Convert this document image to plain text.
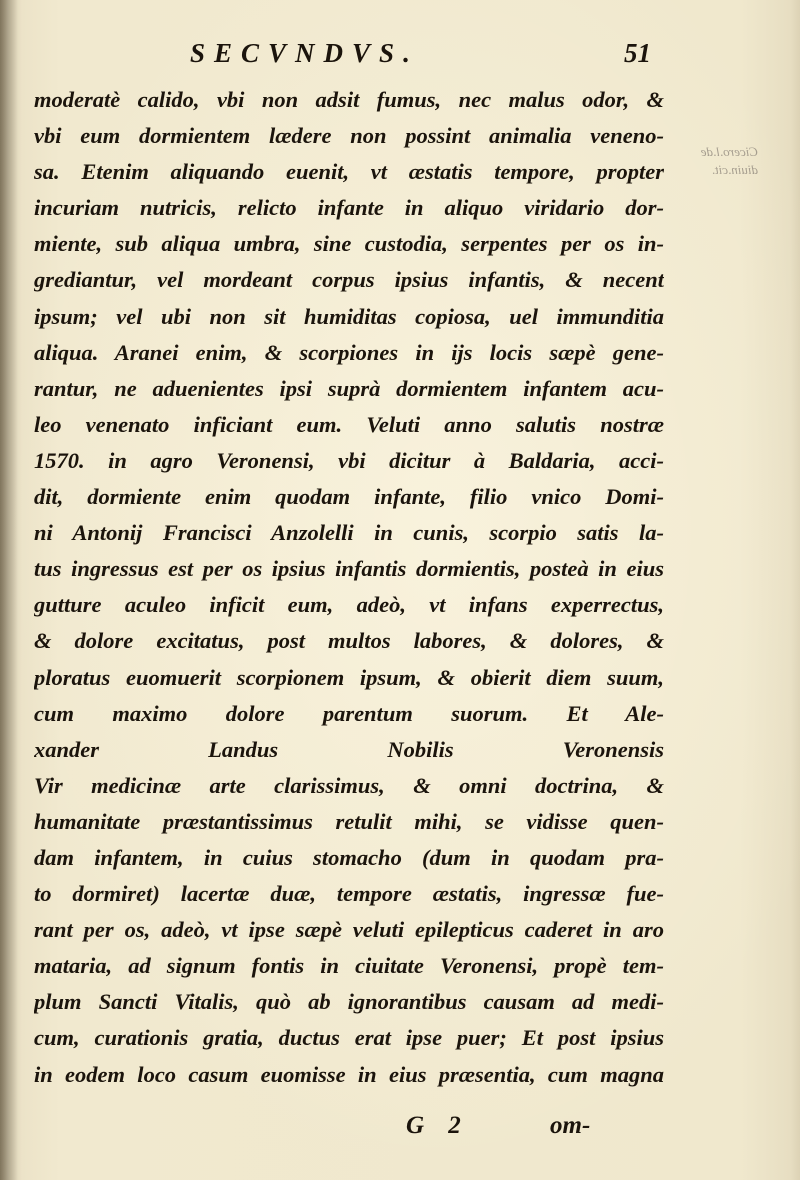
SECVNDVS.	51
Cicero.l.de
diuin.cit.
moderatè calido, vbi non adsit fumus, nec malus odor, &
vbi eum dormientem lædere non possint animalia veneno-
sa. Etenim aliquando euenit, vt æstatis tempore, propter
incuriam nutricis, relicto infante in aliquo viridario dor-
miente, sub aliqua umbra, sine custodia, serpentes per os in-
grediantur, vel mordeant corpus ipsius infantis, & necent
ipsum; vel ubi non sit humiditas copiosa, uel immunditia
aliqua. Aranei enim, & scorpiones in ijs locis sæpè gene-
rantur, ne aduenientes ipsi suprà dormientem infantem acu-
leo venenato inficiant eum. Veluti anno salutis nostræ
1570. in agro Veronensi, vbi dicitur à Baldaria, acci-
dit, dormiente enim quodam infante, filio vnico Domi-
ni Antonij Francisci Anzolelli in cunis, scorpio satis la-
tus ingressus est per os ipsius infantis dormientis, posteà in eius
gutture aculeo inficit eum, adeò, vt infans experrectus,
& dolore excitatus, post multos labores, & dolores, &
ploratus euomuerit scorpionem ipsum, & obierit diem suum,
cum maximo dolore parentum suorum. Et Ale-
xander Landus Nobilis Veronensis
Vir medicinæ arte clarissimus, & omni doctrina, &
humanitate præstantissimus retulit mihi, se vidisse quen-
dam infantem, in cuius stomacho (dum in quodam pra-
to dormiret) lacertæ duæ, tempore æstatis, ingressæ fue-
rant per os, adeò, vt ipse sæpè veluti epilepticus caderet in aro
mataria, ad signum fontis in ciuitate Veronensi, propè tem-
plum Sancti Vitalis, quò ab ignorantibus causam ad medi-
cum, curationis gratia, ductus erat ipse puer; Et post ipsius
in eodem loco casum euomisse in eius præsentia, cum magna
G 2	om-
